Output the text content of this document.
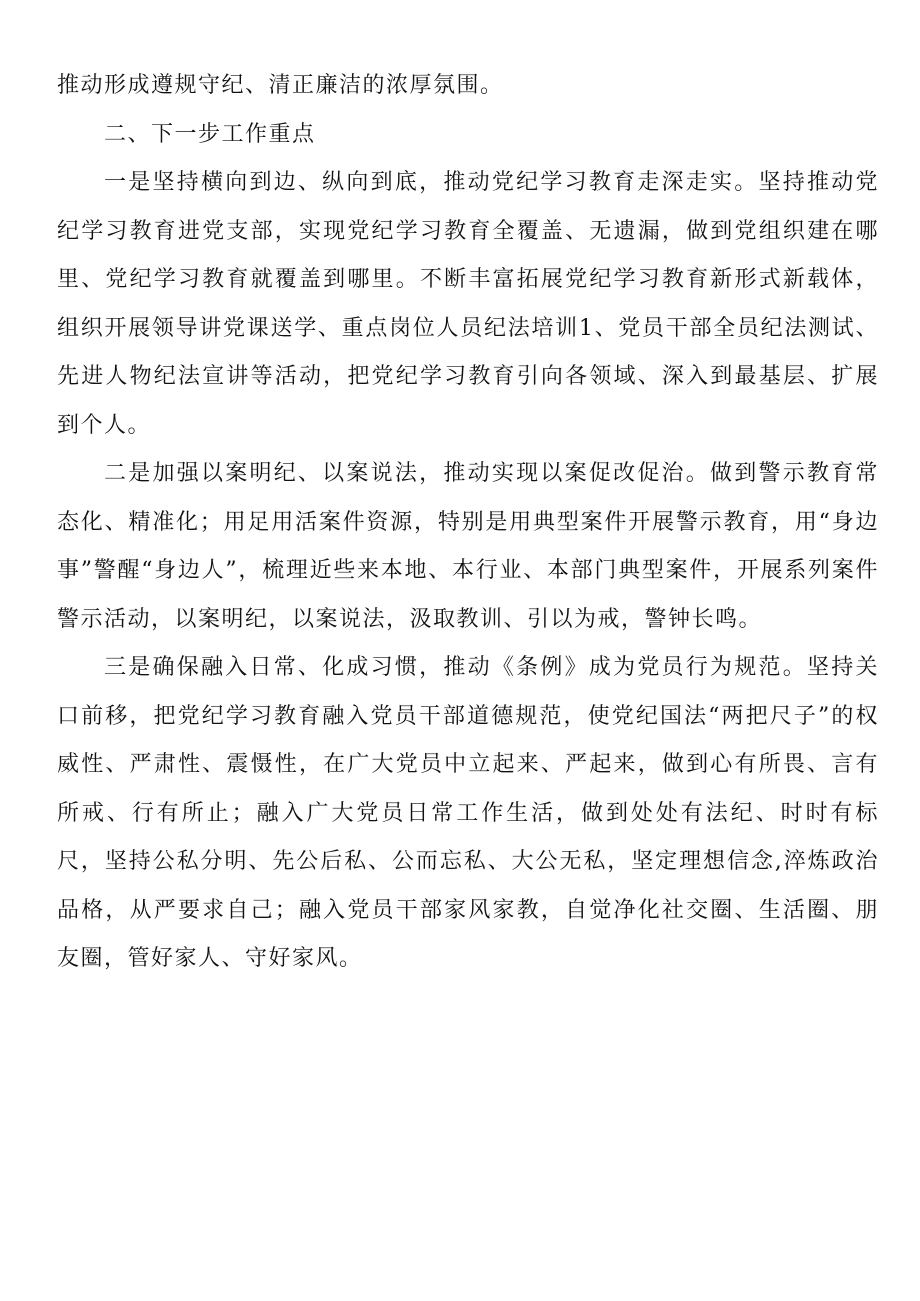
推动形成遵规守纪、清正廉洁的浓厚氛围。

二、下一步工作重点

一是坚持横向到边、纵向到底，推动党纪学习教育走深走实。坚持推动党纪学习教育进党支部，实现党纪学习教育全覆盖、无遗漏，做到党组织建在哪里、党纪学习教育就覆盖到哪里。不断丰富拓展党纪学习教育新形式新载体，组织开展领导讲党课送学、重点岗位人员纪法培训1、党员干部全员纪法测试、先进人物纪法宣讲等活动，把党纪学习教育引向各领域、深入到最基层、扩展到个人。

二是加强以案明纪、以案说法，推动实现以案促改促治。做到警示教育常态化、精准化；用足用活案件资源，特别是用典型案件开展警示教育，用“身边事”警醒“身边人”，梳理近些来本地、本行业、本部门典型案件，开展系列案件警示活动，以案明纪，以案说法，汲取教训、引以为戒，警钟长鸣。

三是确保融入日常、化成习惯，推动《条例》成为党员行为规范。坚持关口前移，把党纪学习教育融入党员干部道德规范，使党纪国法“两把尺子”的权威性、严肃性、震慑性，在广大党员中立起来、严起来，做到心有所畏、言有所戒、行有所止；融入广大党员日常工作生活，做到处处有法纪、时时有标尺，坚持公私分明、先公后私、公而忘私、大公无私，坚定理想信念,淬炼政治品格，从严要求自己；融入党员干部家风家教，自觉净化社交圈、生活圈、朋友圈，管好家人、守好家风。
